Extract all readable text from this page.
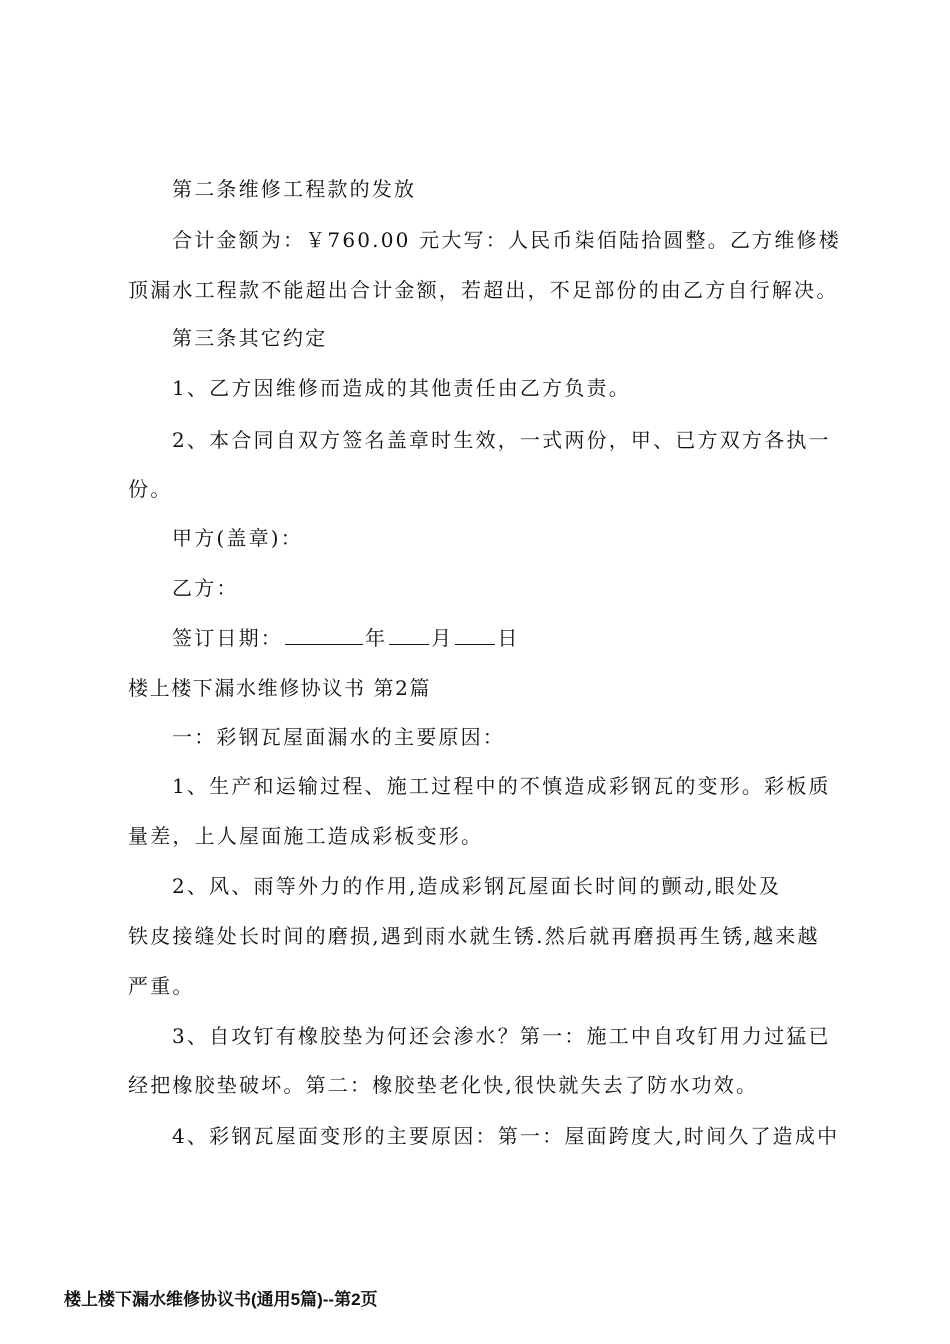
第二条维修工程款的发放
合计金额为：￥760.00 元大写：人民币柒佰陆拾圆整。乙方维修楼
顶漏水工程款不能超出合计金额，若超出，不足部份的由乙方自行解决。
第三条其它约定
1、乙方因维修而造成的其他责任由乙方负责。
2、本合同自双方签名盖章时生效，一式两份，甲、已方双方各执一
份。
甲方(盖章)：
乙方：
签订日期：	年 月 日
楼上楼下漏水维修协议书 第2篇
一：彩钢瓦屋面漏水的主要原因：
1、生产和运输过程、施工过程中的不慎造成彩钢瓦的变形。彩板质
量差，上人屋面施工造成彩板变形。
2、风、雨等外力的作用,造成彩钢瓦屋面长时间的颤动,眼处及
铁皮接缝处长时间的磨损,遇到雨水就生锈.然后就再磨损再生锈,越来越
严重。
3、自攻钉有橡胶垫为何还会渗水？第一：施工中自攻钉用力过猛已
经把橡胶垫破坏。第二：橡胶垫老化快,很快就失去了防水功效。
4、彩钢瓦屋面变形的主要原因：第一：屋面跨度大,时间久了造成中
楼上楼下漏水维修协议书(通用5篇)--第2页
